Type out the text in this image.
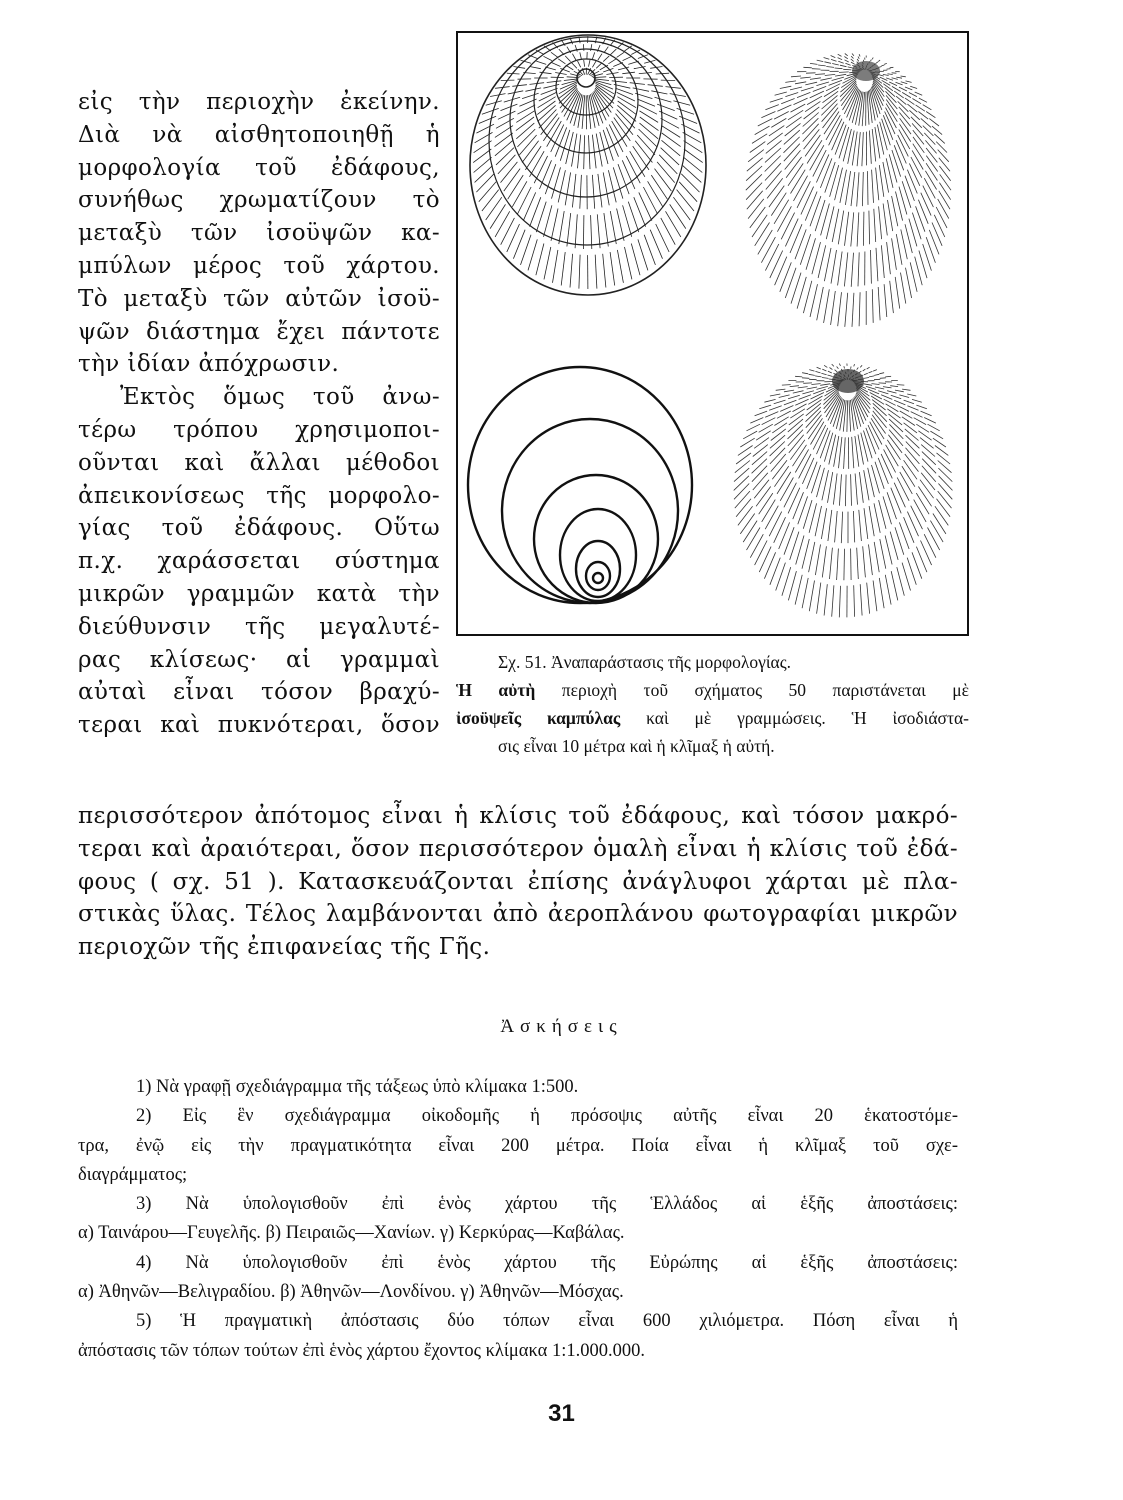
εἰς τὴν περιοχὴν ἐκείνην.
Διὰ νὰ αἰσθητοποιηθῇ ἡ
μορφολογία τοῦ ἐδάφους,
συνήθως χρωματίζουν τὸ
μεταξὺ τῶν ἰσοϋψῶν κα-
μπύλων μέρος τοῦ χάρτου.
Τὸ μεταξὺ τῶν αὐτῶν ἰσοϋ-
ψῶν διάστημα ἔχει πάντοτε
τὴν ἰδίαν ἀπόχρωσιν.
Ἐκτὸς ὅμως τοῦ ἀνω-
τέρω τρόπου χρησιμοποι-
οῦνται καὶ ἄλλαι μέθοδοι
ἀπεικονίσεως τῆς μορφολο-
γίας τοῦ ἐδάφους. Οὕτω
π.χ. χαράσσεται σύστημα
μικρῶν γραμμῶν κατὰ τὴν
διεύθυνσιν τῆς μεγαλυτέ-
ρας κλίσεως· αἱ γραμμαὶ
αὐταὶ εἶναι τόσον βραχύ-
τεραι καὶ πυκνότεραι, ὅσον
Σχ. 51. Ἀναπαράστασις τῆς μορφολογίας.
Ἡ αὐτὴ περιοχὴ τοῦ σχήματος 50 παριστάνεται μὲ
ἰσοϋψεῖς καμπύλας καὶ μὲ γραμμώσεις. Ἡ ἰσοδιάστα-
σις εἶναι 10 μέτρα καὶ ἡ κλῖμαξ ἡ αὐτή.
περισσότερον ἀπότομος εἶναι ἡ κλίσις τοῦ ἐδάφους, καὶ τόσον μακρό-
τεραι καὶ ἀραιότεραι, ὅσον περισσότερον ὁμαλὴ εἶναι ἡ κλίσις τοῦ ἐδά-
φους ( σχ. 51 ). Κατασκευάζονται ἐπίσης ἀνάγλυφοι χάρται μὲ πλα-
στικὰς ὕλας. Τέλος λαμβάνονται ἀπὸ ἀεροπλάνου φωτογραφίαι μικρῶν
περιοχῶν τῆς ἐπιφανείας τῆς Γῆς.
Ἀσκήσεις
1) Νὰ γραφῇ σχεδιάγραμμα τῆς τάξεως ὑπὸ κλίμακα 1:500.
2) Εἰς ἓν σχεδιάγραμμα οἰκοδομῆς ἡ πρόσοψις αὐτῆς εἶναι 20 ἑκατοστόμε-
τρα, ἐνῷ εἰς τὴν πραγματικότητα εἶναι 200 μέτρα. Ποία εἶναι ἡ κλῖμαξ τοῦ σχε-
διαγράμματος;
3) Νὰ ὑπολογισθοῦν ἐπὶ ἑνὸς χάρτου τῆς Ἑλλάδος αἱ ἑξῆς ἀποστάσεις:
α) Ταινάρου—Γευγελῆς. β) Πειραιῶς—Χανίων. γ) Κερκύρας—Καβάλας.
4) Νὰ ὑπολογισθοῦν ἐπὶ ἑνὸς χάρτου τῆς Εὐρώπης αἱ ἑξῆς ἀποστάσεις:
α) Ἀθηνῶν—Βελιγραδίου. β) Ἀθηνῶν—Λονδίνου. γ) Ἀθηνῶν—Μόσχας.
5) Ἡ πραγματικὴ ἀπόστασις δύο τόπων εἶναι 600 χιλιόμετρα. Πόση εἶναι ἡ
ἀπόστασις τῶν τόπων τούτων ἐπὶ ἑνὸς χάρτου ἔχοντος κλίμακα 1:1.000.000.
31
